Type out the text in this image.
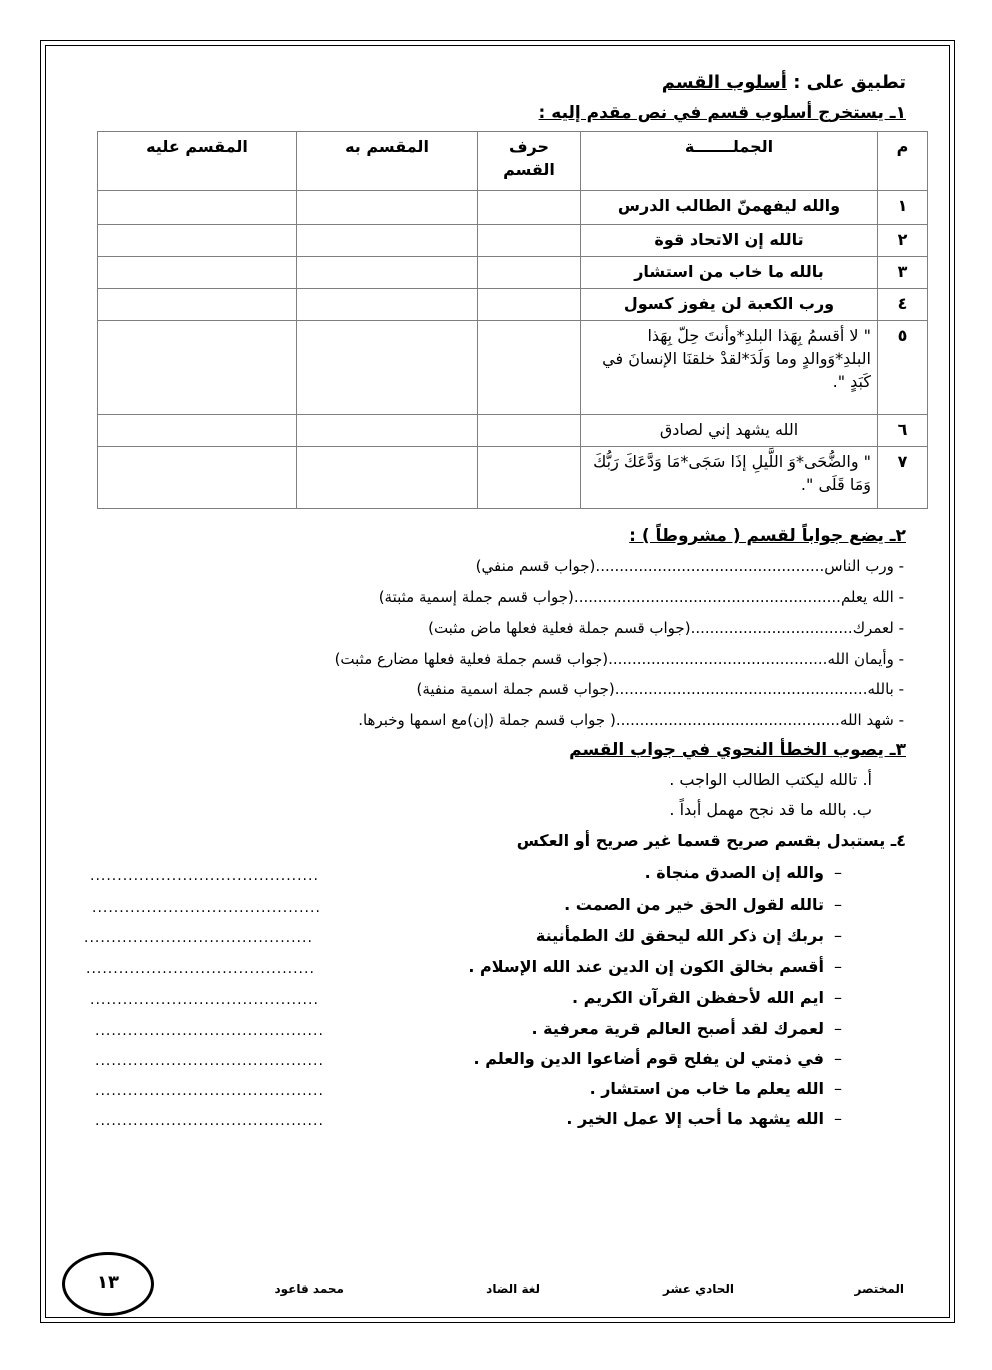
تطبيق على : أسلوب القسم
١ـ يستخرج أسلوب قسم في نص مقدم إليه :
م	الجملـــــــة	حرف القسم	المقسم به	المقسم عليه
١	والله ليفهمنّ الطالب الدرس			
٢	تالله إن الاتحاد قوة			
٣	بالله ما خاب من استشار			
٤	ورب الكعبة لن يفوز كسول			
٥	" لا أقسمُ بِهَذا البلدِ*وأنتَ حِلّ بِهَذا البلدِ*وَوالدٍ وما وَلَدَ*لقدْ خلقنَا الإنسانَ في كَبَدٍ ".			
٦	الله يشهد إني لصادق			
٧	" والضُّحَى*وَ اللَّيلِ إذَا سَجَى*مَا وَدَّعَكَ رَبُّكَ وَمَا قَلَى ".			
٢ـ يضع جواباً لقسم ( مشروطاً ) :
- ورب الناس................................................(جواب قسم منفي)
- الله يعلم........................................................(جواب قسم جملة إسمية مثبتة)
- لعمرك..................................(جواب قسم جملة فعلية فعلها ماض مثبت)
- وأيمان الله..............................................(جواب قسم جملة فعلية فعلها مضارع مثبت)
- بالله.....................................................(جواب قسم جملة اسمية منفية)
- شهد الله...............................................( جواب قسم جملة (إن)مع اسمها وخبرها.
٣ـ يصوب الخطأ النحوي في جواب القسم
أ. تالله ليكتب الطالب الواجب .
ب. بالله ما قد نجح مهمل أبداً .
٤ـ يستبدل بقسم صريح قسما غير صريح أو العكس
–والله إن الصدق منجاة .
–تالله لقول الحق خير من الصمت .
–بربك إن ذكر الله ليحقق لك الطمأنينة
–أقسم بخالق الكون إن الدين عند الله الإسلام .
–ايم الله لأحفظن القرآن الكريم .
–لعمرك لقد أصبح العالم قرية معرفية .
–في ذمتي لن يفلح قوم أضاعوا الدين والعلم .
–الله يعلم ما خاب من استشار .
–الله يشهد ما أحب إلا عمل الخير .
..........................................
..........................................
..........................................
..........................................
..........................................
..........................................
..........................................
..........................................
..........................................
المختصر
الحادي عشر
لغة الضاد
محمد قاعود
١٣
